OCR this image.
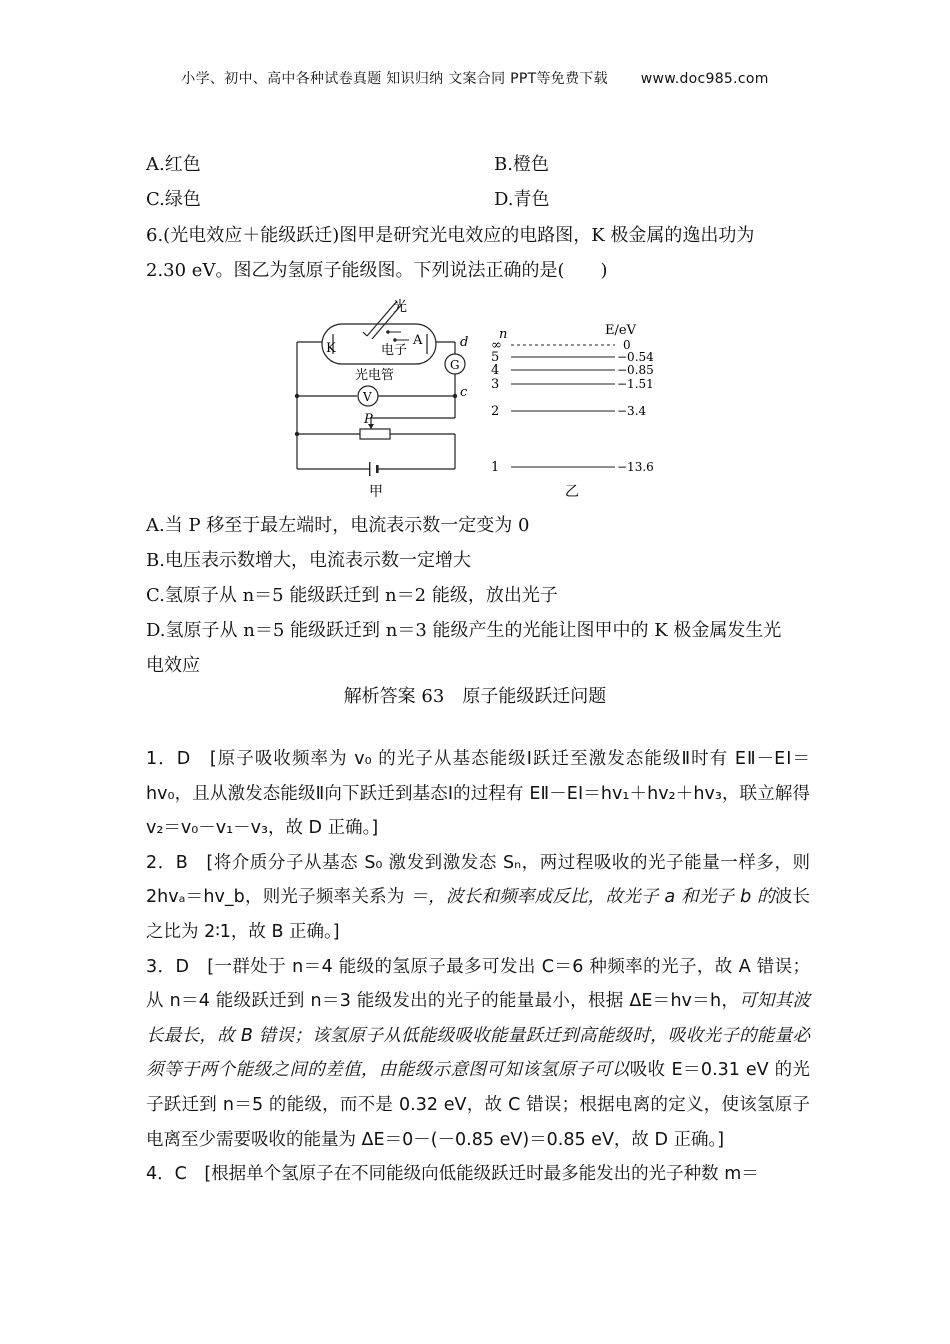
小学、初中、高中各种试卷真题 知识归纳 文案合同 PPT等免费下载 www.doc985.com
A.红色	B.橙色
C.绿色	D.青色
6.(光电效应＋能级跃迁)图甲是研究光电效应的电路图，K 极金属的逸出功为
2.30 eV。图乙为氢原子能级图。下列说法正确的是(　　)
光
K
A
电子
光电管
d
c
G
V
P
甲
n	E/eV
∞	0
5	−0.54
4	−0.85
3	−1.51
2	−3.4
1	−13.6
乙
A.当 P 移至于最左端时，电流表示数一定变为 0
B.电压表示数增大，电流表示数一定增大
C.氢原子从 n＝5 能级跃迁到 n＝2 能级，放出光子
D.氢原子从 n＝5 能级跃迁到 n＝3 能级产生的光能让图甲中的 K 极金属发生光
电效应
解析答案 63　原子能级跃迁问题

1．D　[原子吸收频率为 v₀ 的光子从基态能级Ⅰ跃迁至激发态能级Ⅱ时有 EⅡ－EⅠ＝hv₀，且从激发态能级Ⅱ向下跃迁到基态Ⅰ的过程有 EⅡ－EⅠ＝hv₁＋hv₂＋hv₃，联立解得 v₂＝v₀－v₁－v₃，故 D 正确。]

2．B　[将介质分子从基态 S₀ 激发到激发态 Sₙ，两过程吸收的光子能量一样多，则 2hvₐ＝hv_b，则光子频率关系为 ＝，波长和频率成反比，故光子 a 和光子 b 的波长之比为 2∶1，故 B 正确。]

3．D　[一群处于 n＝4 能级的氢原子最多可发出 C＝6 种频率的光子，故 A 错误；从 n＝4 能级跃迁到 n＝3 能级发出的光子的能量最小，根据 ΔE＝hv＝h，可知其波长最长，故 B 错误；该氢原子从低能级吸收能量跃迁到高能级时，吸收光子的能量必须等于两个能级之间的差值，由能级示意图可知该氢原子可以吸收 E＝0.31 eV 的光子跃迁到 n＝5 的能级，而不是 0.32 eV，故 C 错误；根据电离的定义，使该氢原子电离至少需要吸收的能量为 ΔE＝0－(－0.85 eV)＝0.85 eV，故 D 正确。]

4．C　[根据单个氢原子在不同能级向低能级跃迁时最多能发出的光子种数 m＝
